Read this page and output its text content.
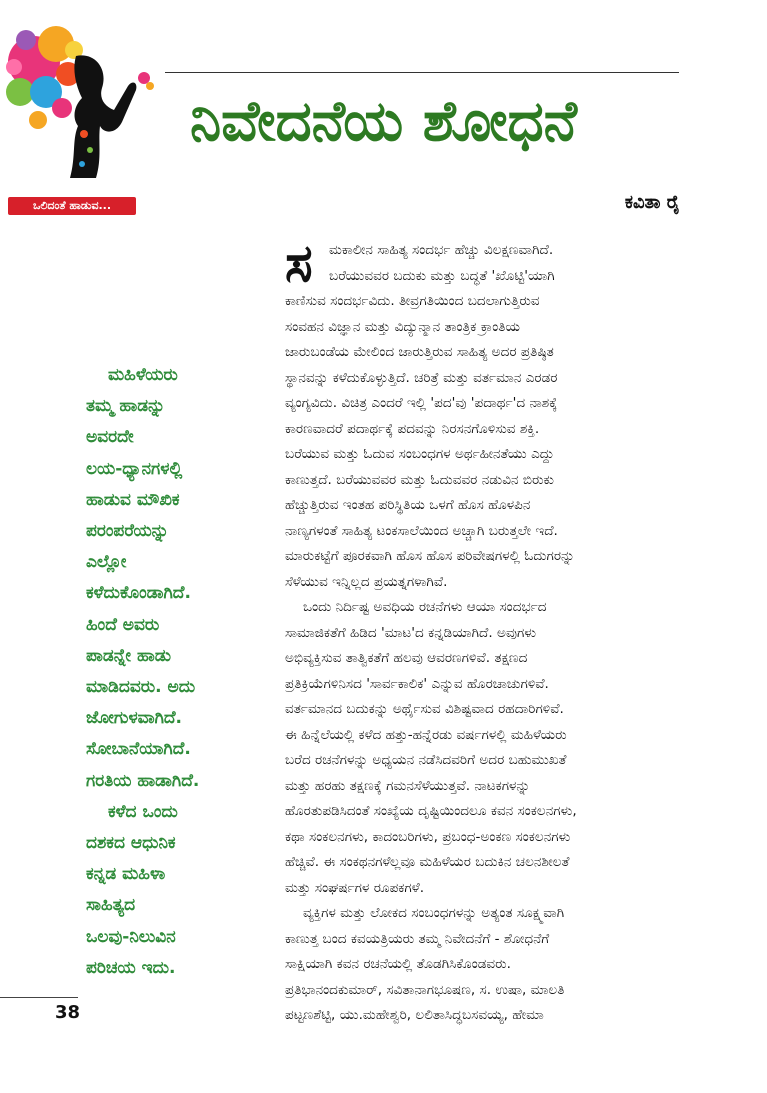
ಒಲಿದಂತೆ ಹಾಡುವ...
ನಿವೇದನೆಯ ಶೋಧನೆ
ಕವಿತಾ ರೈ
ಮಹಿಳೆಯರು
ತಮ್ಮ ಹಾಡನ್ನು
ಅವರದೇ
ಲಯ-ಧ್ಯಾನಗಳಲ್ಲಿ
ಹಾಡುವ ಮೌಖಿಕ
ಪರಂಪರೆಯನ್ನು
ಎಲ್ಲೋ
ಕಳೆದುಕೊಂಡಾಗಿದೆ.
ಹಿಂದೆ ಅವರು
ಪಾಡನ್ನೇ ಹಾಡು
ಮಾಡಿದವರು. ಅದು
ಜೋಗುಳವಾಗಿದೆ.
ಸೋಬಾನೆಯಾಗಿದೆ.
ಗರತಿಯ ಹಾಡಾಗಿದೆ.
ಕಳೆದ ಒಂದು
ದಶಕದ ಆಧುನಿಕ
ಕನ್ನಡ ಮಹಿಳಾ
ಸಾಹಿತ್ಯದ
ಒಲವು-ನಿಲುವಿನ
ಪರಿಚಯ ಇದು.
ಸ	ಮಕಾಲೀನ ಸಾಹಿತ್ಯ ಸಂದರ್ಭ ಹೆಚ್ಚು ವಿಲಕ್ಷಣವಾಗಿದೆ.
ಬರೆಯುವವರ ಬದುಕು ಮತ್ತು ಬದ್ಧತೆ 'ಖೊಟ್ಟಿ'ಯಾಗಿ
ಕಾಣಿಸುವ ಸಂದರ್ಭವಿದು. ತೀವ್ರಗತಿಯಿಂದ ಬದಲಾಗುತ್ತಿರುವ
ಸಂವಹನ ವಿಜ್ಞಾನ ಮತ್ತು ವಿದ್ಯುನ್ಮಾನ ತಾಂತ್ರಿಕ ಕ್ರಾಂತಿಯ
ಜಾರುಬಂಡೆಯ ಮೇಲಿಂದ ಜಾರುತ್ತಿರುವ ಸಾಹಿತ್ಯ ಅದರ ಪ್ರತಿಷ್ಠಿತ
ಸ್ಥಾನವನ್ನು ಕಳೆದುಕೊಳ್ಳುತ್ತಿದೆ. ಚರಿತ್ರೆ ಮತ್ತು ವರ್ತಮಾನ ಎರಡರ
ವ್ಯಂಗ್ಯವಿದು. ವಿಚಿತ್ರ ಎಂದರೆ ಇಲ್ಲಿ 'ಪದ'ವು 'ಪದಾರ್ಥ'ದ ನಾಶಕ್ಕೆ
ಕಾರಣವಾದರೆ ಪದಾರ್ಥಕ್ಕೆ ಪದವನ್ನು ನಿರಸನಗೊಳಿಸುವ ಶಕ್ತಿ.
ಬರೆಯುವ ಮತ್ತು ಓದುವ ಸಂಬಂಧಗಳ ಅರ್ಥಹೀನತೆಯು ಎದ್ದು
ಕಾಣುತ್ತದೆ. ಬರೆಯುವವರ ಮತ್ತು ಓದುವವರ ನಡುವಿನ ಬಿರುಕು
ಹೆಚ್ಚುತ್ತಿರುವ ಇಂತಹ ಪರಿಸ್ಥಿತಿಯ ಒಳಗೆ ಹೊಸ ಹೊಳಪಿನ
ನಾಣ್ಯಗಳಂತೆ ಸಾಹಿತ್ಯ ಟಂಕಸಾಲೆಯಿಂದ ಅಚ್ಚಾಗಿ ಬರುತ್ತಲೇ ಇದೆ.
ಮಾರುಕಟ್ಟೆಗೆ ಪೂರಕವಾಗಿ ಹೊಸ ಹೊಸ ಪರಿವೇಷಗಳಲ್ಲಿ ಓದುಗರನ್ನು
ಸೆಳೆಯುವ ಇನ್ನಿಲ್ಲದ ಪ್ರಯತ್ನಗಳಾಗಿವೆ.
ಒಂದು ನಿರ್ದಿಷ್ಟ ಅವಧಿಯ ರಚನೆಗಳು ಆಯಾ ಸಂದರ್ಭದ
ಸಾಮಾಜಿಕತೆಗೆ ಹಿಡಿದ 'ಮಾಟ'ದ ಕನ್ನಡಿಯಾಗಿದೆ. ಅವುಗಳು
ಅಭಿವ್ಯಕ್ತಿಸುವ ತಾತ್ವಿಕತೆಗೆ ಹಲವು ಆವರಣಗಳಿವೆ. ತಕ್ಷಣದ
ಪ್ರತಿಕ್ರಿಯೆಗಳಿನಿಸದ 'ಸಾರ್ವಕಾಲಿಕ' ಎನ್ನುವ ಹೊರಚಾಚುಗಳಿವೆ.
ವರ್ತಮಾನದ ಬದುಕನ್ನು ಅರ್ಥೈಸುವ ವಿಶಿಷ್ಟವಾದ ರಹದಾರಿಗಳಿವೆ.
ಈ ಹಿನ್ನೆಲೆಯಲ್ಲಿ ಕಳೆದ ಹತ್ತು-ಹನ್ನೆರಡು ವರ್ಷಗಳಲ್ಲಿ ಮಹಿಳೆಯರು
ಬರೆದ ರಚನೆಗಳನ್ನು ಅಧ್ಯಯನ ನಡೆಸಿದವರಿಗೆ ಅದರ ಬಹುಮುಖತೆ
ಮತ್ತು ಹರಹು ತಕ್ಷಣಕ್ಕೆ ಗಮನಸೆಳೆಯುತ್ತವೆ. ನಾಟಕಗಳನ್ನು
ಹೊರತುಪಡಿಸಿದಂತೆ ಸಂಖ್ಯೆಯ ದೃಷ್ಟಿಯಿಂದಲೂ ಕವನ ಸಂಕಲನಗಳು,
ಕಥಾ ಸಂಕಲನಗಳು, ಕಾದಂಬರಿಗಳು, ಪ್ರಬಂಧ-ಅಂಕಣ ಸಂಕಲನಗಳು
ಹೆಚ್ಚಿವೆ. ಈ ಸಂಕಥನಗಳೆಲ್ಲವೂ ಮಹಿಳೆಯರ ಬದುಕಿನ ಚಲನಶೀಲತೆ
ಮತ್ತು ಸಂಘರ್ಷಗಳ ರೂಪಕಗಳೆ.
ವ್ಯಕ್ತಿಗಳ ಮತ್ತು ಲೋಕದ ಸಂಬಂಧಗಳನ್ನು ಅತ್ಯಂತ ಸೂಕ್ಷ್ಮವಾಗಿ
ಕಾಣುತ್ತ ಬಂದ ಕವಯತ್ರಿಯರು ತಮ್ಮ ನಿವೇದನೆಗೆ - ಶೋಧನೆಗೆ
ಸಾಕ್ಷಿಯಾಗಿ ಕವನ ರಚನೆಯಲ್ಲಿ ತೊಡಗಿಸಿಕೊಂಡವರು.
ಪ್ರತಿಭಾನಂದಕುಮಾರ್, ಸವಿತಾನಾಗಭೂಷಣ, ಸ. ಉಷಾ, ಮಾಲತಿ
ಪಟ್ಟಣಶೆಟ್ಟಿ, ಯು.ಮಹೇಶ್ವರಿ, ಲಲಿತಾಸಿದ್ಧಬಸವಯ್ಯ, ಹೇಮಾ
38
